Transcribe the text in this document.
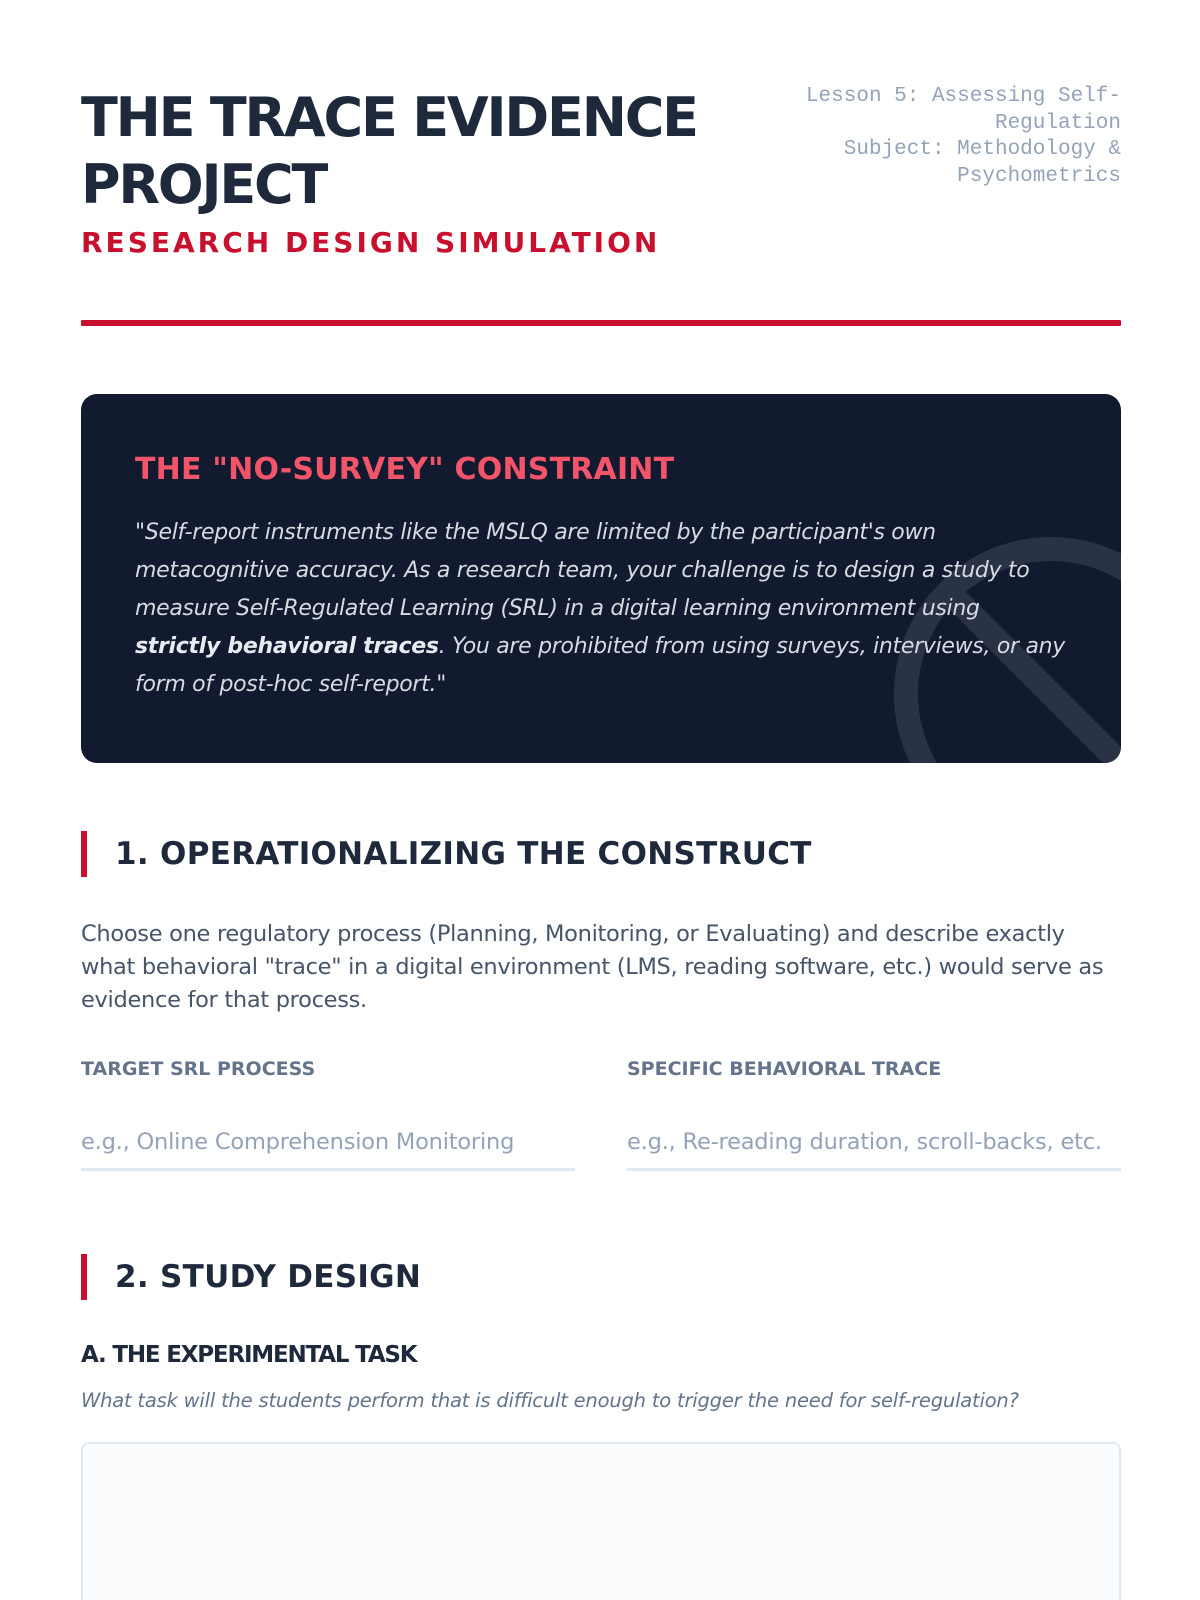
THE TRACE EVIDENCE PROJECT
RESEARCH DESIGN SIMULATION
Lesson 5: Assessing Self-Regulation
Subject: Methodology & Psychometrics
THE "NO-SURVEY" CONSTRAINT

"Self-report instruments like the MSLQ are limited by the participant's own metacognitive accuracy. As a research team, your challenge is to design a study to measure Self-Regulated Learning (SRL) in a digital learning environment using strictly behavioral traces. You are prohibited from using surveys, interviews, or any form of post-hoc self-report."

1. OPERATIONALIZING THE CONSTRUCT

Choose one regulatory process (Planning, Monitoring, or Evaluating) and describe exactly what behavioral "trace" in a digital environment (LMS, reading software, etc.) would serve as evidence for that process.

TARGET SRL PROCESS
e.g., Online Comprehension Monitoring	SPECIFIC BEHAVIORAL TRACE
e.g., Re-reading duration, scroll-backs, etc.
2. STUDY DESIGN
A. THE EXPERIMENTAL TASK

What task will the students perform that is difficult enough to trigger the need for self-regulation?
